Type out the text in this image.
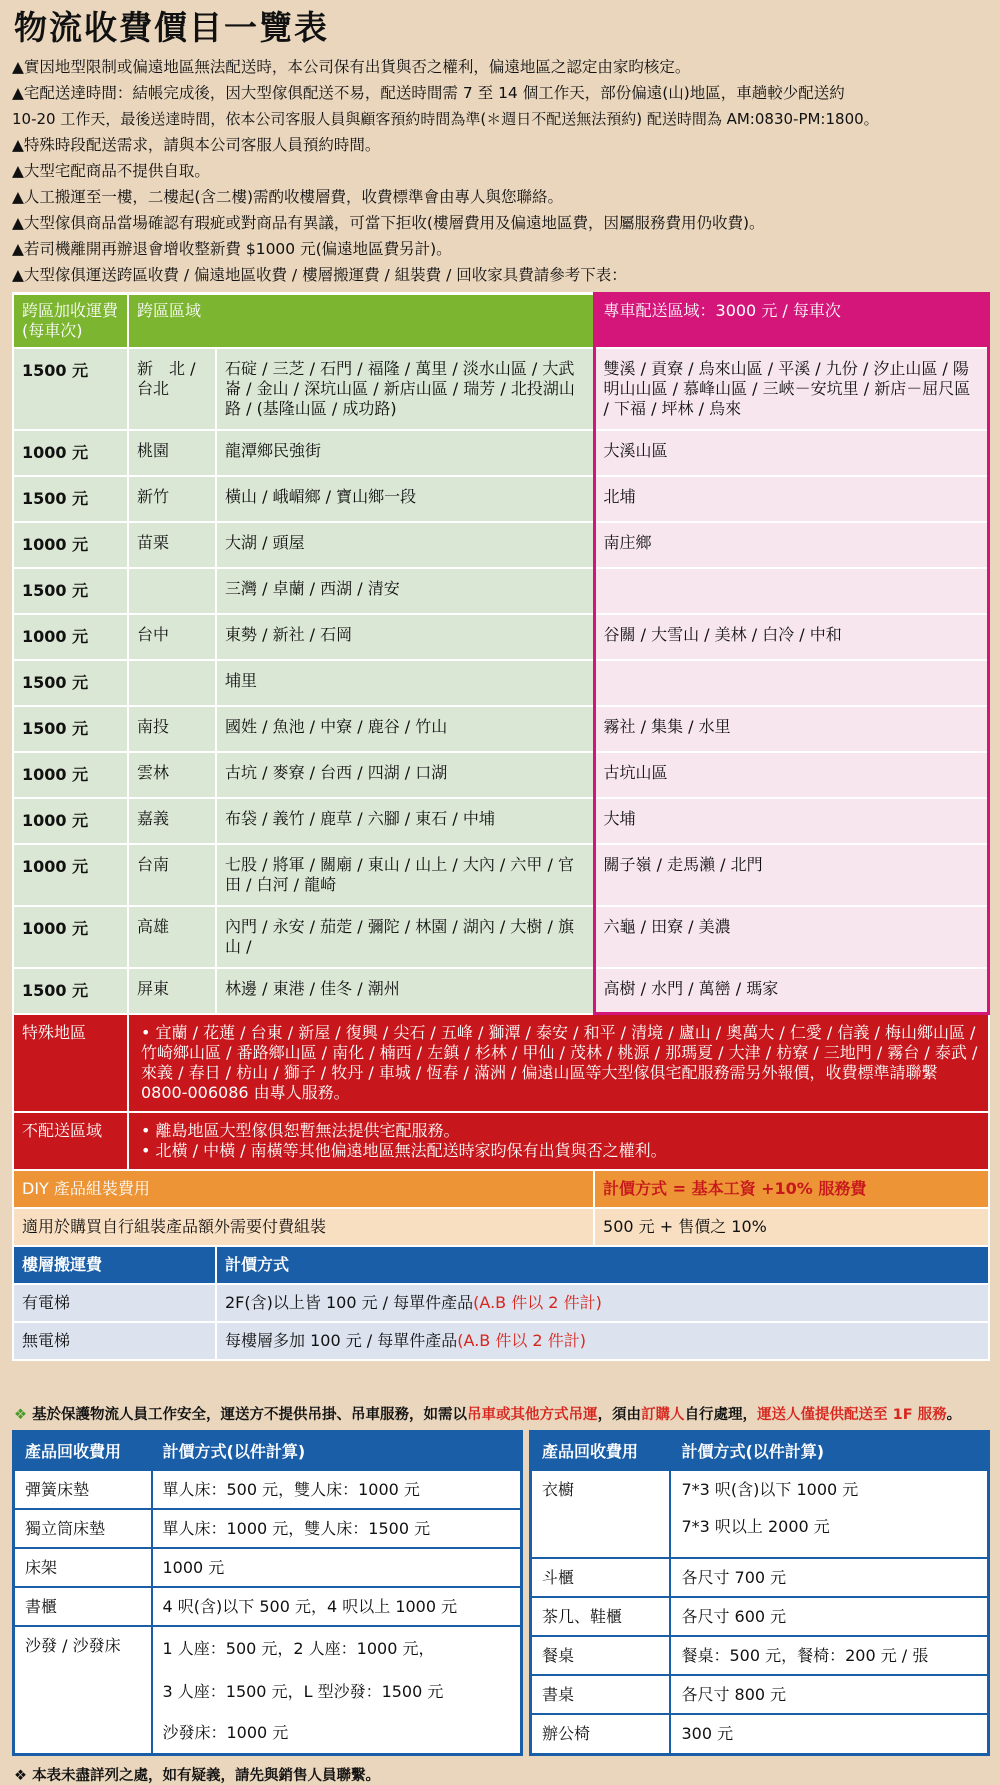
物流收費價目一覽表

▲實因地型限制或偏遠地區無法配送時，本公司保有出貨與否之權利，偏遠地區之認定由家昀核定。

▲宅配送達時間：結帳完成後，因大型傢俱配送不易，配送時間需 7 至 14 個工作天，部份偏遠(山)地區，車趟較少配送約

10-20 工作天，最後送達時間，依本公司客服人員與顧客預約時間為準(＊週日不配送無法預約) 配送時間為 AM:0830-PM:1800。

▲特殊時段配送需求，請與本公司客服人員預約時間。

▲大型宅配商品不提供自取。

▲人工搬運至一樓，二樓起(含二樓)需酌收樓層費，收費標準會由專人與您聯絡。

▲大型傢俱商品當場確認有瑕疵或對商品有異議，可當下拒收(樓層費用及偏遠地區費，因屬服務費用仍收費)。

▲若司機離開再辦退會增收整新費 $1000 元(偏遠地區費另計)。

▲大型傢俱運送跨區收費 / 偏遠地區收費 / 樓層搬運費 / 組裝費 / 回收家具費請參考下表：

跨區加收運費(每車次)	跨區區域		專車配送區域：3000 元 / 每車次
1500 元	新　北 / 台北	石碇 / 三芝 / 石門 / 福隆 / 萬里 / 淡水山區 / 大武崙 / 金山 / 深坑山區 / 新店山區 / 瑞芳 / 北投湖山路 / (基隆山區 / 成功路)	雙溪 / 貢寮 / 烏來山區 / 平溪 / 九份 / 汐止山區 / 陽明山山區 / 慕峰山區 / 三峽－安坑里 / 新店－屈尺區 / 下福 / 坪林 / 烏來
1000 元	桃園	龍潭鄉民強街	大溪山區
1500 元	新竹	橫山 / 峨嵋鄉 / 寶山鄉一段	北埔
1000 元	苗栗	大湖 / 頭屋	南庄鄉
1500 元		三灣 / 卓蘭 / 西湖 / 清安	
1000 元	台中	東勢 / 新社 / 石岡	谷關 / 大雪山 / 美林 / 白冷 / 中和
1500 元		埔里	
1500 元	南投	國姓 / 魚池 / 中寮 / 鹿谷 / 竹山	霧社 / 集集 / 水里
1000 元	雲林	古坑 / 麥寮 / 台西 / 四湖 / 口湖	古坑山區
1000 元	嘉義	布袋 / 義竹 / 鹿草 / 六腳 / 東石 / 中埔	大埔
1000 元	台南	七股 / 將軍 / 關廟 / 東山 / 山上 / 大內 / 六甲 / 官田 / 白河 / 龍崎	關子嶺 / 走馬瀨 / 北門
1000 元	高雄	內門 / 永安 / 茄萣 / 彌陀 / 林園 / 湖內 / 大樹 / 旗山 /	六龜 / 田寮 / 美濃
1500 元	屏東	林邊 / 東港 / 佳冬 / 潮州	高樹 / 水門 / 萬巒 / 瑪家
特殊地區	• 宜蘭 / 花蓮 / 台東 / 新屋 / 復興 / 尖石 / 五峰 / 獅潭 / 泰安 / 和平 / 清境 / 廬山 / 奧萬大 / 仁愛 / 信義 / 梅山鄉山區 / 竹崎鄉山區 / 番路鄉山區 / 南化 / 楠西 / 左鎮 / 杉林 / 甲仙 / 茂林 / 桃源 / 那瑪夏 / 大津 / 枋寮 / 三地門 / 霧台 / 泰武 / 來義 / 春日 / 枋山 / 獅子 / 牧丹 / 車城 / 恆春 / 滿洲 / 偏遠山區等大型傢俱宅配服務需另外報價，收費標準請聯繫 0800-006086 由專人服務。		
不配送區域	• 離島地區大型傢俱恕暫無法提供宅配服務。
• 北橫 / 中橫 / 南橫等其他偏遠地區無法配送時家昀保有出貨與否之權利。		

DIY 產品組裝費用			計價方式 = 基本工資 +10% 服務費
適用於購買自行組裝產品額外需要付費組裝			500 元 + 售價之 10%
樓層搬運費		計價方式	
有電梯		2F(含)以上皆 100 元 / 每單件產品(A.B 件以 2 件計)	
無電梯		每樓層多加 100 元 / 每單件產品(A.B 件以 2 件計)	

❖ 基於保護物流人員工作安全，運送方不提供吊掛、吊車服務，如需以吊車或其他方式吊運，須由訂購人自行處理，運送人僅提供配送至 1F 服務。

產品回收費用	計價方式(以件計算)
彈簧床墊	單人床：500 元，雙人床：1000 元
獨立筒床墊	單人床：1000 元，雙人床：1500 元
床架	1000 元
書櫃	4 呎(含)以下 500 元，4 呎以上 1000 元
沙發 / 沙發床	1 人座：500 元，2 人座：1000 元，
3 人座：1500 元，L 型沙發：1500 元
沙發床：1000 元
產品回收費用	計價方式(以件計算)
衣櫥	7*3 呎(含)以下 1000 元
7*3 呎以上 2000 元

斗櫃	各尺寸 700 元
茶几、鞋櫃	各尺寸 600 元
餐桌	餐桌：500 元，餐椅：200 元 / 張
書桌	各尺寸 800 元
辦公椅	300 元

❖ 本表未盡詳列之處，如有疑義，請先與銷售人員聯繫。
